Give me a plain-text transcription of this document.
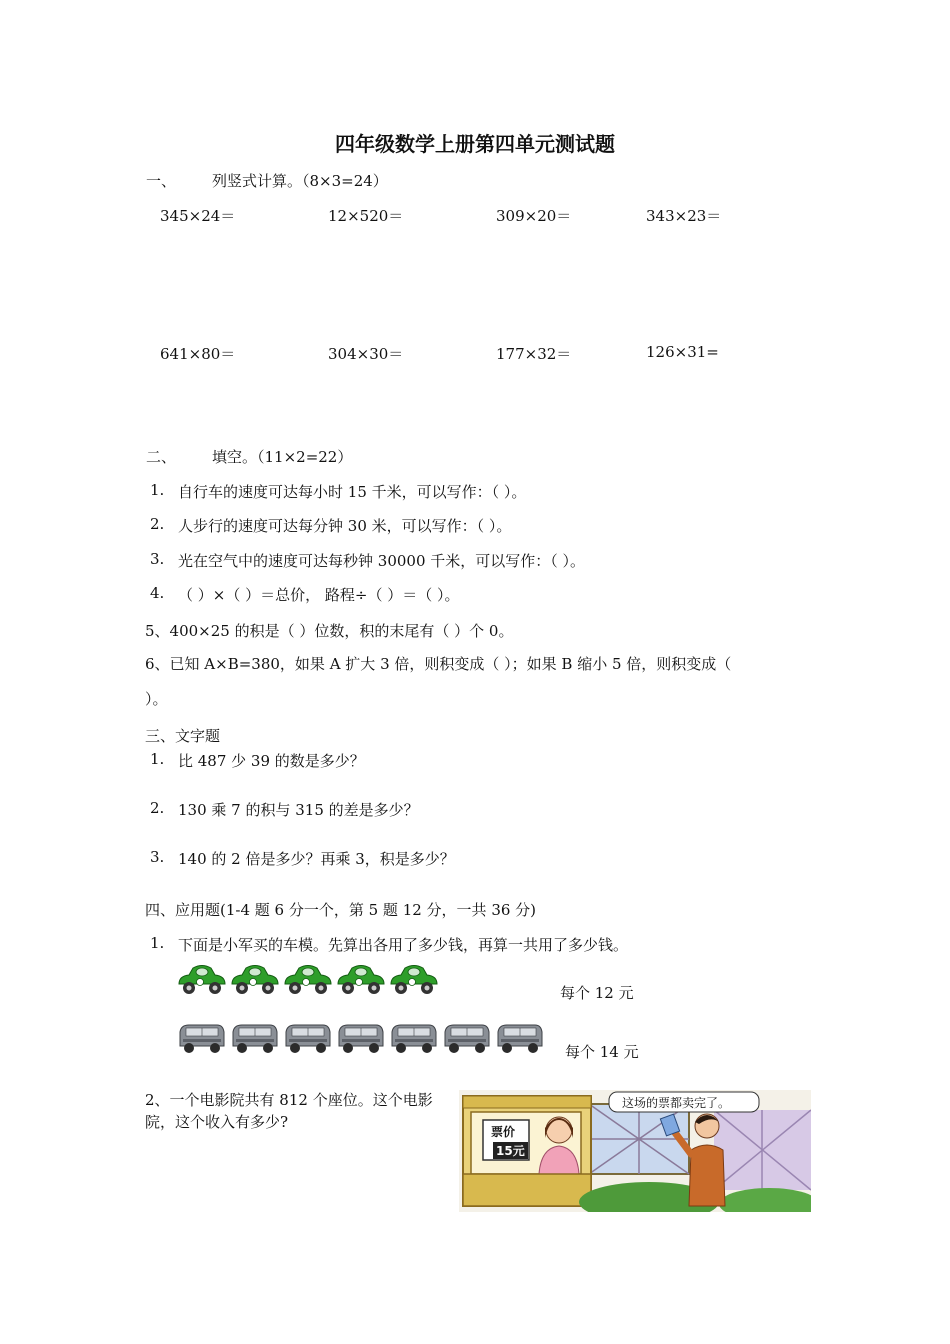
四年级数学上册第四单元测试题
一、 列竖式计算。（8×3=24）
345×24＝	12×520＝	309×20＝	343×23＝
641×80＝	304×30＝	177×32＝	126×31=
二、 填空。（11×2=22）
1. 自行车的速度可达每小时 15 千米，可以写作：（ ）。
2. 人步行的速度可达每分钟 30 米，可以写作：（ ）。
3. 光在空气中的速度可达每秒钟 30000 千米，可以写作：（ ）。
4. （ ）×（ ）＝总价， 路程÷（ ）＝（ ）。
5、400×25 的积是（ ）位数，积的末尾有（ ）个 0。
6、已知 A×B=380，如果 A 扩大 3 倍，则积变成（ ）；如果 B 缩小 5 倍，则积变成（
）。
三、文字题
1. 比 487 少 39 的数是多少？
2. 130 乘 7 的积与 315 的差是多少？
3. 140 的 2 倍是多少？再乘 3，积是多少？
四、应用题(1-4 题 6 分一个，第 5 题 12 分，一共 36 分)
1. 下面是小军买的车模。先算出各用了多少钱，再算一共用了多少钱。
每个 12 元
每个 14 元
2、一个电影院共有 812 个座位。这个电影
院，这个收入有多少?
这场的票都卖完了。
票价
15元
